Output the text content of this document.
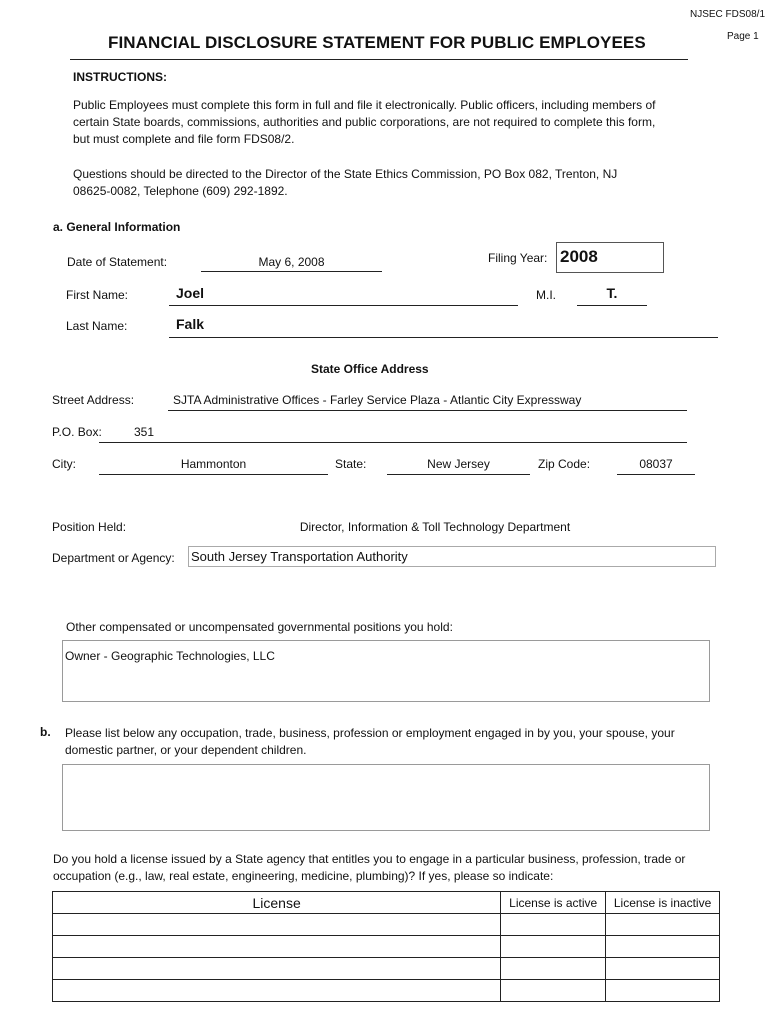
NJSEC FDS08/1
Page 1
FINANCIAL DISCLOSURE STATEMENT FOR PUBLIC EMPLOYEES
INSTRUCTIONS:
Public Employees must complete this form in full and file it electronically. Public officers, including members of
certain State boards, commissions, authorities and public corporations, are not required to complete this form,
but must complete and file form FDS08/2.
Questions should be directed to the Director of the State Ethics Commission, PO Box 082, Trenton, NJ
08625-0082, Telephone (609) 292-1892.
a. General Information
Date of Statement:	May 6, 2008	Filing Year: 2008
First Name:	Joel	M.I.	T.
Last Name:	Falk
State Office Address
Street Address:	SJTA Administrative Offices - Farley Service Plaza - Atlantic City Expressway
P.O. Box:	351
City:	Hammonton	State:	New Jersey	Zip Code:	08037
Position Held:	Director, Information & Toll Technology Department
Department or Agency: South Jersey Transportation Authority
Other compensated or uncompensated governmental positions you hold:
Owner - Geographic Technologies, LLC
b. Please list below any occupation, trade, business, profession or employment engaged in by you, your spouse, your
domestic partner, or your dependent children.
Do you hold a license issued by a State agency that entitles you to engage in a particular business, profession, trade or
occupation (e.g., law, real estate, engineering, medicine, plumbing)? If yes, please so indicate:
License	License is active	License is inactive
